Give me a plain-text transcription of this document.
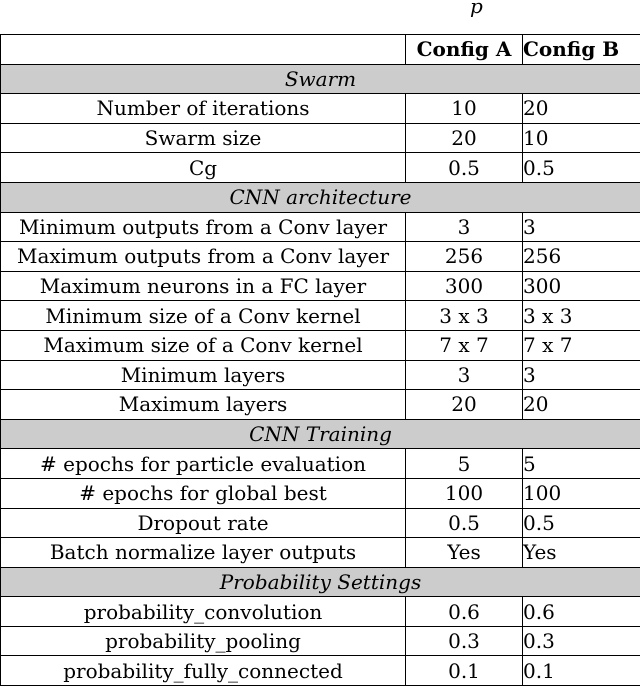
p
	Config A	Config B
Swarm		
Number of iterations	10	20
Swarm size	20	10
Cg	0.5	0.5
CNN architecture		
Minimum outputs from a Conv layer	3	3
Maximum outputs from a Conv layer	256	256
Maximum neurons in a FC layer	300	300
Minimum size of a Conv kernel	3 x 3	3 x 3
Maximum size of a Conv kernel	7 x 7	7 x 7
Minimum layers	3	3
Maximum layers	20	20
CNN Training		
# epochs for particle evaluation	5	5
# epochs for global best	100	100
Dropout rate	0.5	0.5
Batch normalize layer outputs	Yes	Yes
Probability Settings		
probability_convolution	0.6	0.6
probability_pooling	0.3	0.3
probability_fully_connected	0.1	0.1
